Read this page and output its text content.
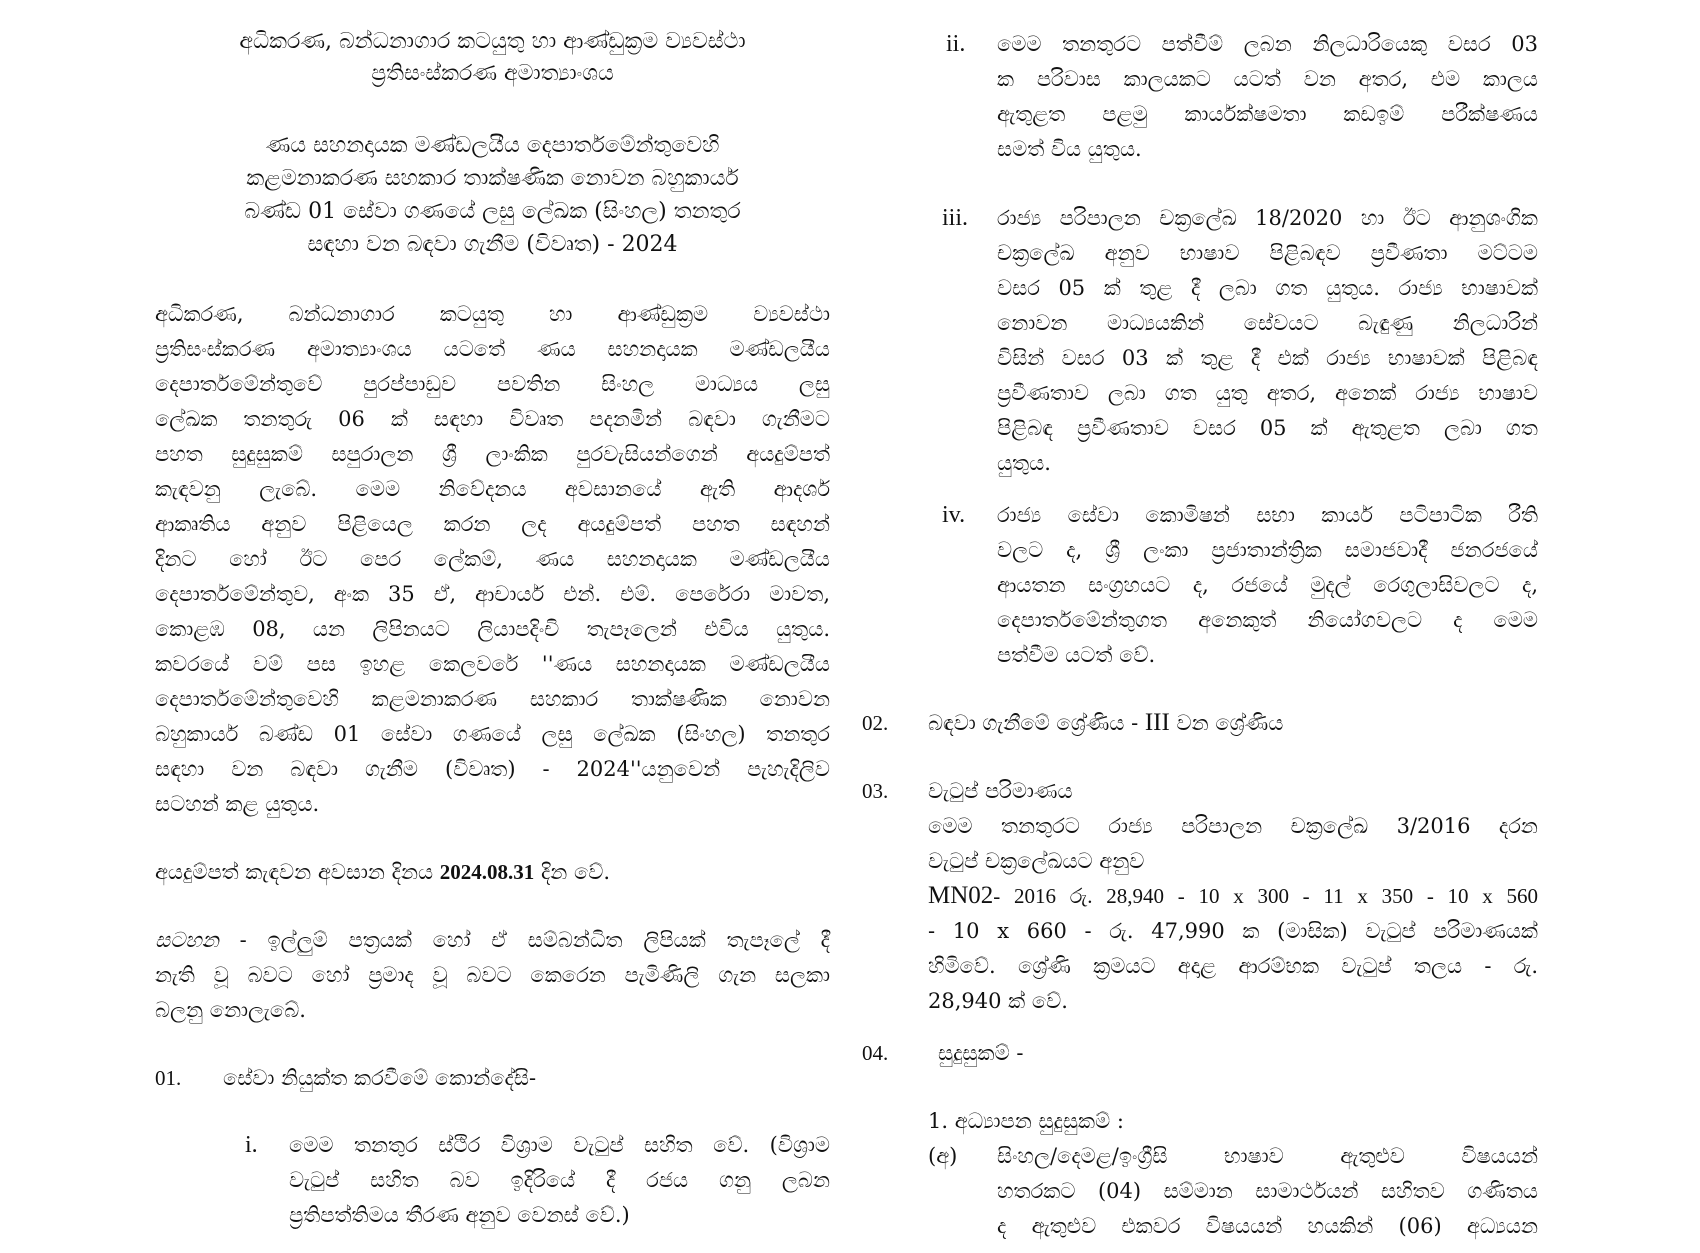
අධිකරණ, බන්ධනාගාර කටයුතු හා ආණ්ඩුක්‍රම ව්‍යවස්ථා
ප්‍රතිසංස්කරණ අමාත්‍යාංශය
ණය සහනදායක මණ්ඩලයීය දෙපාර්තමේන්තුවෙහි
කළමනාකරණ සහකාර තාක්ෂණික නොවන බහුකාර්ය
බණ්ඩ 01 සේවා ගණයේ ලසු ලේඛක (සිංහල) තනතුර
සඳහා වන බඳවා ගැනීම (විවෘත) - 2024
අධිකරණ, බන්ධනාගාර කටයුතු හා ආණ්ඩුක්‍රම ව්‍යවස්ථා
ප්‍රතිසංස්කරණ අමාත්‍යාංශය යටතේ ණය සහනදායක මණ්ඩලයීය
දෙපාර්තමේන්තුවේ පුරප්පාඩුව පවතින සිංහල මාධ්‍යය ලසු
ලේඛක තනතුරු 06 ක් සඳහා විවෘත පදනමින් බඳවා ගැනීමට
පහත සුදුසුකම් සපුරාලන ශ්‍රී ලාංකික පුරවැසියන්ගෙන් අයදුම්පත්
කැඳවනු ලැබේ. මෙම නිවේදනය අවසානයේ ඇති ආදර්ශ
ආකෘතිය අනුව පිළියෙල කරන ලද අයදුම්පත් පහත සඳහන්
දිනට හෝ ඊට පෙර ලේකම්, ණය සහනදායක මණ්ඩලයීය
දෙපාර්තමේන්තුව, අංක 35 ඒ, ආචාර්ය එන්. එම්. පෙරේරා මාවත,
කොළඹ 08, යන ලිපිනයට ලියාපදිංචි තැපෑලෙන් එවිය යුතුය.
කවරයේ වම් පස ඉහළ කෙලවරේ ''ණය සහනදායක මණ්ඩලයීය
දෙපාර්තමේන්තුවෙහි කළමනාකරණ සහකාර තාක්ෂණික නොවන
බහුකාර්ය බණ්ඩ 01 සේවා ගණයේ ලසු ලේඛක (සිංහල) තනතුර
සඳහා වන බඳවා ගැනීම (විවෘත) - 2024''යනුවෙන් පැහැදිලිව
සටහන් කළ යුතුය.
අයදුම්පත් කැඳවන අවසාන දිනය 2024.08.31 දින වේ.
සටහන - ඉල්ලුම් පත්‍රයක් හෝ ඒ සම්බන්ධිත ලිපියක් තැපෑලේ දී
නැති වූ බවට හෝ ප්‍රමාද වූ බවට කෙරෙන පැමිණිලි ගැන සලකා
බලනු නොලැබේ.
01. සේවා නියුක්ත කරවීමේ කොන්දේසි-
i. මෙම තනතුර ස්ථිර විශ්‍රාම වැටුප් සහිත වේ. (විශ්‍රාම
වැටුප් සහිත බව ඉදිරියේ දී රජය ගනු ලබන
ප්‍රතිපත්තිමය තීරණ අනුව වෙනස් වේ.)
ii. මෙම තනතුරට පත්වීම් ලබන නිලධාරියෙකු වසර 03
ක පරිවාස කාලයකට යටත් වන අතර, එම කාලය
ඇතුළත පළමු කාර්යක්ෂමතා කඩඉම් පරීක්ෂණය
සමත් විය යුතුය.
iii. රාජ්‍ය පරිපාලන චක්‍රලේඛ 18/2020 හා ඊට ආනුශංගික
චක්‍රලේඛ අනුව භාෂාව පිළිබඳව ප්‍රවීණතා මට්ටම
වසර 05 ක් තුළ දී ලබා ගත යුතුය. රාජ්‍ය භාෂාවක්
නොවන මාධ්‍යයකින් සේවයට බැඳුණු නිලධාරින්
විසින් වසර 03 ක් තුළ දී එක් රාජ්‍ය භාෂාවක් පිළිබඳ
ප්‍රවීණතාව ලබා ගත යුතු අතර, අනෙක් රාජ්‍ය භාෂාව
පිළිබඳ ප්‍රවීණතාව වසර 05 ක් ඇතුළත ලබා ගත
යුතුය.
iv. රාජ්‍ය සේවා කොමිෂන් සභා කාර්ය පටිපාටික රීති
වලට ද, ශ්‍රී ලංකා ප්‍රජාතාන්ත්‍රික සමාජවාදී ජනරජයේ
ආයතන සංග්‍රහයට ද, රජයේ මුදල් රෙගුලාසිවලට ද,
දෙපාර්තමේන්තුගත අනෙකුත් නියෝගවලට ද මෙම
පත්වීම යටත් වේ.
02. බඳවා ගැනීමේ ශ්‍රේණිය - III වන ශ්‍රේණිය
03. වැටුප් පරිමාණය
මෙම තනතුරට රාජ්‍ය පරිපාලන චක්‍රලේඛ 3/2016 දරන
වැටුප් චක්‍රලේඛයට අනුව
MN02- 2016 රු. 28,940 - 10 x 300 - 11 x 350 - 10 x 560
- 10 x 660 - රු. 47,990 ක (මාසික) වැටුප් පරිමාණයක්
හිමිවේ. ශ්‍රේණි ක්‍රමයට අදාළ ආරම්භක වැටුප් තලය - රු.
28,940 ක් වේ.
04. සුදුසුකම් -
1. අධ්‍යාපන සුදුසුකම් :
(අ) සිංහල/දෙමළ/ඉංග්‍රීසි භාෂාව ඇතුළුව විෂයයන්
හතරකට (04) සම්මාන සාමාර්ථයන් සහිතව ගණිතය
ද ඇතුළුව එකවර විෂයයන් හයකින් (06) අධ්‍යයන
